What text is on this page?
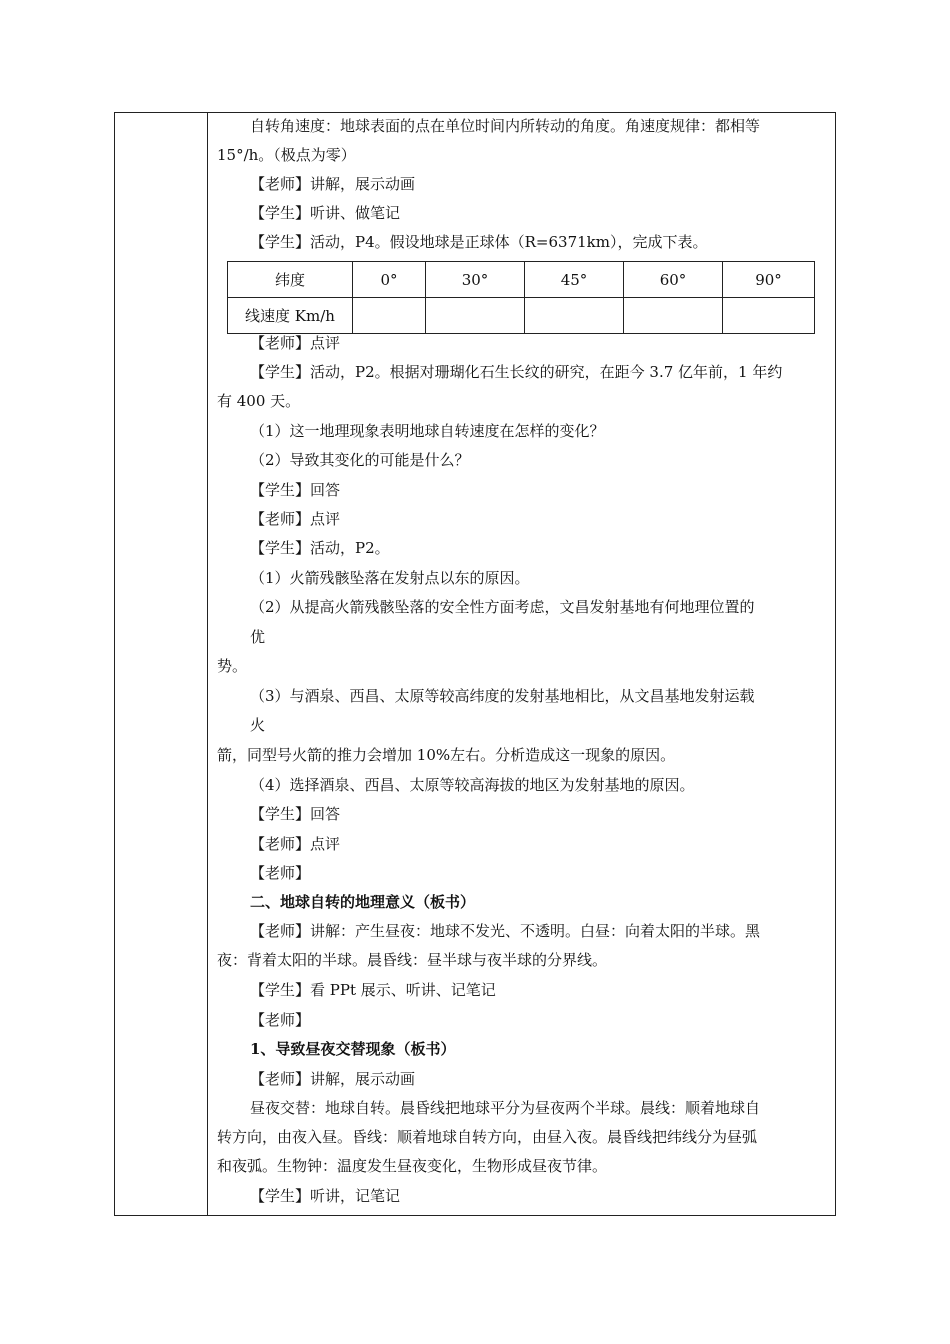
自转角速度：地球表面的点在单位时间内所转动的角度。角速度规律：都相等
15°/h。（极点为零）
【老师】讲解，展示动画
【学生】听讲、做笔记
【学生】活动，P4。假设地球是正球体（R=6371km），完成下表。
【老师】点评
【学生】活动，P2。根据对珊瑚化石生长纹的研究，在距今 3.7 亿年前，1 年约
有 400 天。
（1）这一地理现象表明地球自转速度在怎样的变化？
（2）导致其变化的可能是什么？
【学生】回答
【老师】点评
【学生】活动，P2。
（1）火箭残骸坠落在发射点以东的原因。
（2）从提高火箭残骸坠落的安全性方面考虑，文昌发射基地有何地理位置的
优
势。
（3）与酒泉、西昌、太原等较高纬度的发射基地相比，从文昌基地发射运载
火
箭，同型号火箭的推力会增加 10%左右。分析造成这一现象的原因。
（4）选择酒泉、西昌、太原等较高海拔的地区为发射基地的原因。
【学生】回答
【老师】点评
【老师】
二、地球自转的地理意义（板书）
【老师】讲解：产生昼夜：地球不发光、不透明。白昼：向着太阳的半球。黑
夜：背着太阳的半球。晨昏线：昼半球与夜半球的分界线。
【学生】看 PPt 展示、听讲、记笔记
【老师】
1、导致昼夜交替现象（板书）
【老师】讲解，展示动画
昼夜交替：地球自转。晨昏线把地球平分为昼夜两个半球。晨线：顺着地球自
转方向，由夜入昼。昏线：顺着地球自转方向，由昼入夜。晨昏线把纬线分为昼弧
和夜弧。生物钟：温度发生昼夜变化，生物形成昼夜节律。
【学生】听讲，记笔记
纬度	0°	30°	45°	60°	90°
线速度 Km/h					
